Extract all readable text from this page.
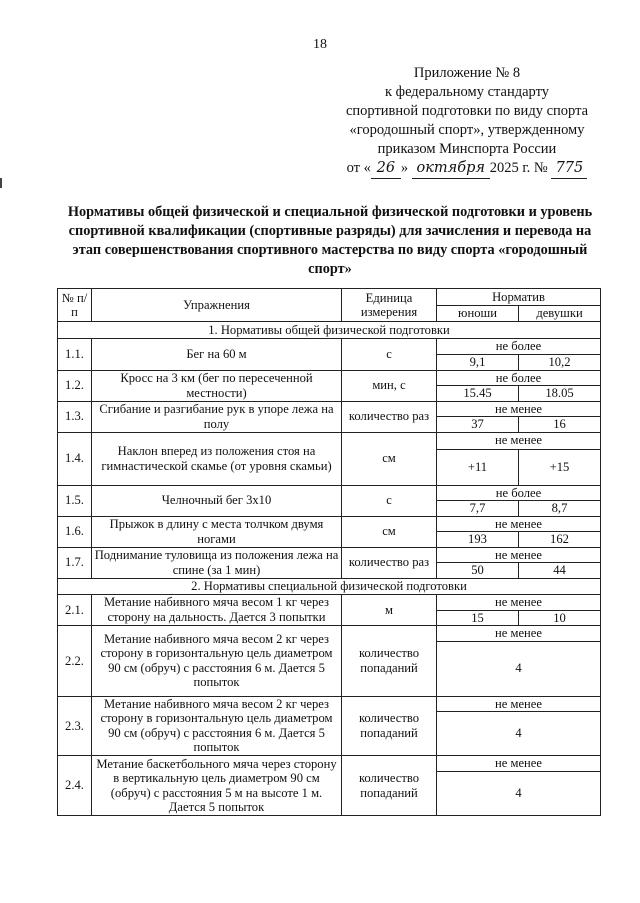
18
Приложение № 8
к федеральному стандарту
спортивной подготовки по виду спорта
«городошный спорт», утвержденному
приказом Минспорта России
от « 26 » октября 2025 г. № 775
Нормативы общей физической и специальной физической подготовки и уровень спортивной квалификации (спортивные разряды) для зачисления и перевода на этап совершенствования спортивного мастерства по виду спорта «городошный спорт»
№ п/п	Упражнения	Единица измерения	Норматив	
			юноши	девушки
1. Нормативы общей физической подготовки				
1.1.	Бег на 60 м	с	не более	
			9,1	10,2
1.2.	Кросс на 3 км (бег по пересеченной местности)	мин, с	не более	
			15.45	18.05
1.3.	Сгибание и разгибание рук в упоре лежа на полу	количество раз	не менее	
			37	16
1.4.	Наклон вперед из положения стоя на гимнастической скамье (от уровня скамьи)	см	не менее	
			+11	+15
1.5.	Челночный бег 3x10	с	не более	
			7,7	8,7
1.6.	Прыжок в длину с места толчком двумя ногами	см	не менее	
			193	162
1.7.	Поднимание туловища из положения лежа на спине (за 1 мин)	количество раз	не менее	
			50	44
2. Нормативы специальной физической подготовки				
2.1.	Метание набивного мяча весом 1 кг через сторону на дальность. Дается 3 попытки	м	не менее	
			15	10
2.2.	Метание набивного мяча весом 2 кг через сторону в горизонтальную цель диаметром 90 см (обруч) с расстояния 6 м. Дается 5 попыток	количество попаданий	не менее	
			4	
2.3.	Метание набивного мяча весом 2 кг через сторону в горизонтальную цель диаметром 90 см (обруч) с расстояния 6 м. Дается 5 попыток	количество попаданий	не менее	
			4	
2.4.	Метание баскетбольного мяча через сторону в вертикальную цель диаметром 90 см (обруч) с расстояния 5 м на высоте 1 м. Дается 5 попыток	количество попаданий	не менее	
			4	
